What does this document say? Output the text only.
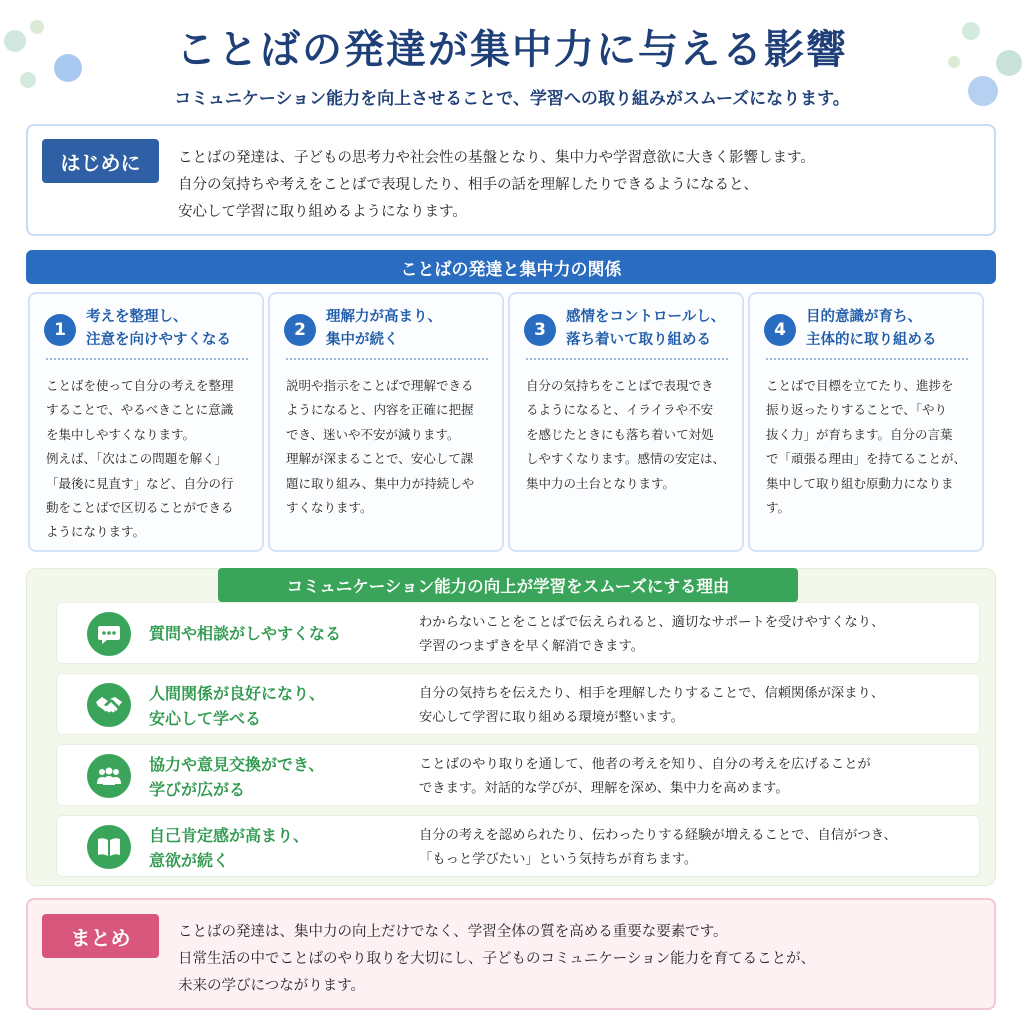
ことばの発達が集中力に与える影響
コミュニケーション能力を向上させることで、学習への取り組みがスムーズになります。
はじめに	ことばの発達は、子どもの思考力や社会性の基盤となり、集中力や学習意欲に大きく影響します。
自分の気持ちや考えをことばで表現したり、相手の話を理解したりできるようになると、
安心して学習に取り組めるようになります。
ことばの発達と集中力の関係
1
考えを整理し、
注意を向けやすくなる
ことばを使って自分の考えを整理
することで、やるべきことに意識
を集中しやすくなります。
例えば、「次はこの問題を解く」
「最後に見直す」など、自分の行
動をことばで区切ることができる
ようになります。
2
理解力が高まり、
集中が続く
説明や指示をことばで理解できる
ようになると、内容を正確に把握
でき、迷いや不安が減ります。
理解が深まることで、安心して課
題に取り組み、集中力が持続しや
すくなります。
3
感情をコントロールし、
落ち着いて取り組める
自分の気持ちをことばで表現でき
るようになると、イライラや不安
を感じたときにも落ち着いて対処
しやすくなります。感情の安定は、
集中力の土台となります。
4
目的意識が育ち、
主体的に取り組める
ことばで目標を立てたり、進捗を
振り返ったりすることで、「やり
抜く力」が育ちます。自分の言葉
で「頑張る理由」を持てることが、
集中して取り組む原動力になりま
す。
コミュニケーション能力の向上が学習をスムーズにする理由
質問や相談がしやすくなる
わからないことをことばで伝えられると、適切なサポートを受けやすくなり、
学習のつまずきを早く解消できます。
人間関係が良好になり、
安心して学べる
自分の気持ちを伝えたり、相手を理解したりすることで、信頼関係が深まり、
安心して学習に取り組める環境が整います。
協力や意見交換ができ、
学びが広がる
ことばのやり取りを通して、他者の考えを知り、自分の考えを広げることが
できます。対話的な学びが、理解を深め、集中力を高めます。
自己肯定感が高まり、
意欲が続く
自分の考えを認められたり、伝わったりする経験が増えることで、自信がつき、
「もっと学びたい」という気持ちが育ちます。
まとめ	ことばの発達は、集中力の向上だけでなく、学習全体の質を高める重要な要素です。
日常生活の中でことばのやり取りを大切にし、子どものコミュニケーション能力を育てることが、
未来の学びにつながります。
